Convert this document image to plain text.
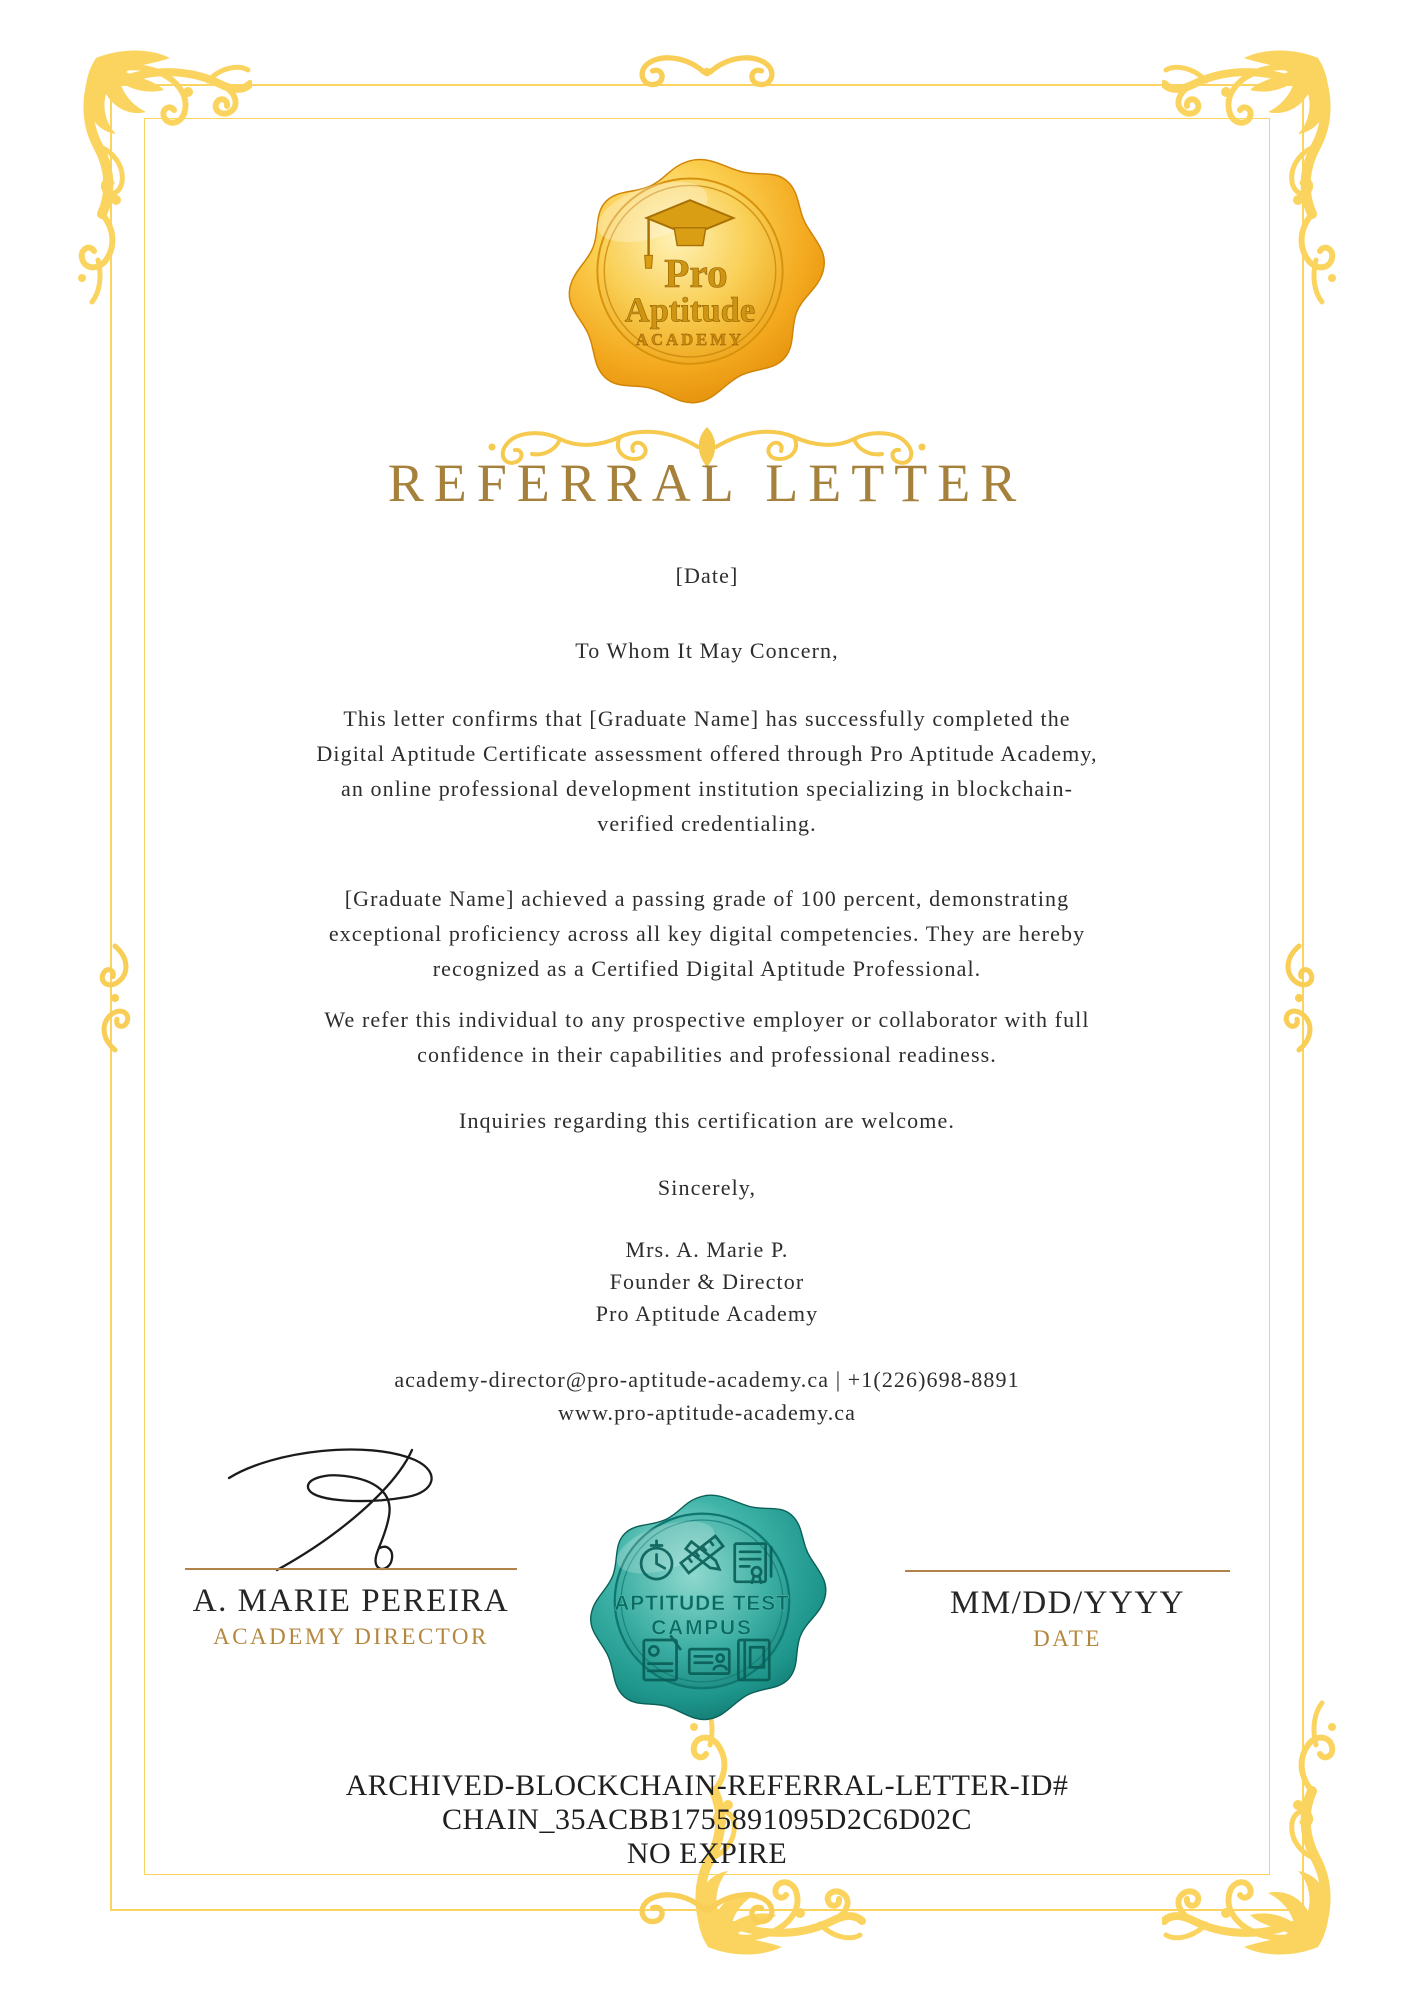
Pro
Aptitude
ACADEMY
REFERRAL LETTER

[Date]

To Whom It May Concern,

This letter confirms that [Graduate Name] has successfully completed the

Digital Aptitude Certificate assessment offered through Pro Aptitude Academy,

an online professional development institution specializing in blockchain-

verified credentialing.

[Graduate Name] achieved a passing grade of 100 percent, demonstrating

exceptional proficiency across all key digital competencies. They are hereby

recognized as a Certified Digital Aptitude Professional.

We refer this individual to any prospective employer or collaborator with full

confidence in their capabilities and professional readiness.

Inquiries regarding this certification are welcome.

Sincerely,

Mrs. A. Marie P.

Founder & Director

Pro Aptitude Academy

academy-director@pro-aptitude-academy.ca | +1(226)698-8891

www.pro-aptitude-academy.ca

A. MARIE PEREIRA
ACADEMY DIRECTOR
APTITUDE TEST
CAMPUS
MM/DD/YYYY
DATE
ARCHIVED-BLOCKCHAIN-REFERRAL-LETTER-ID#
CHAIN_35ACBB1755891095D2C6D02C
NO EXPIRE
